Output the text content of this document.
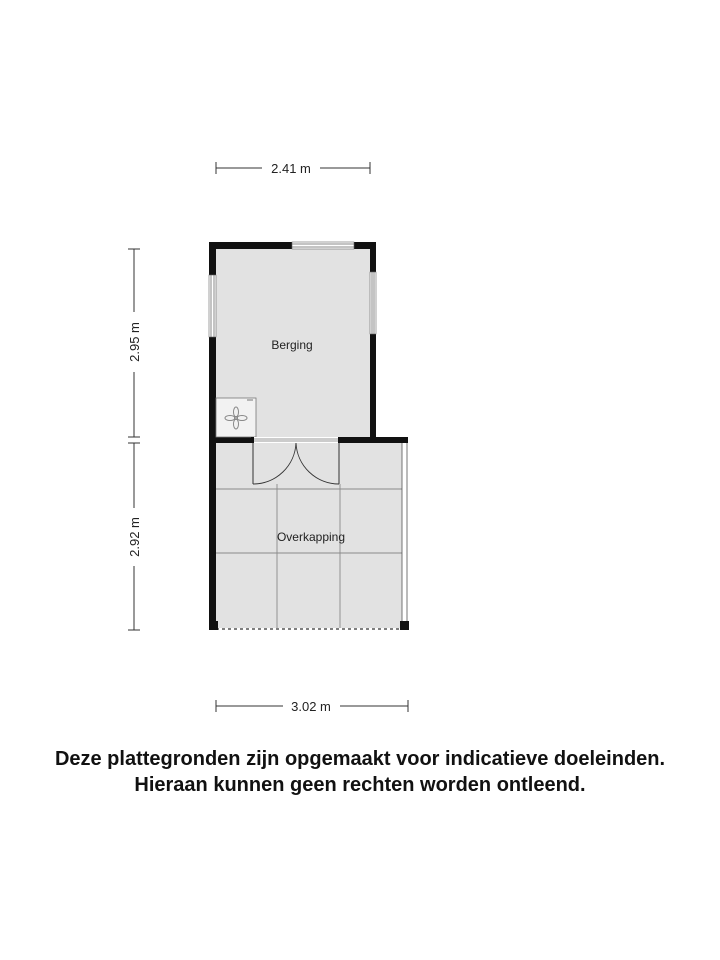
2.41 m
2.95 m
2.92 m
3.02 m
Berging
Overkapping
Deze plattegronden zijn opgemaakt voor indicatieve doeleinden.
Hieraan kunnen geen rechten worden ontleend.
